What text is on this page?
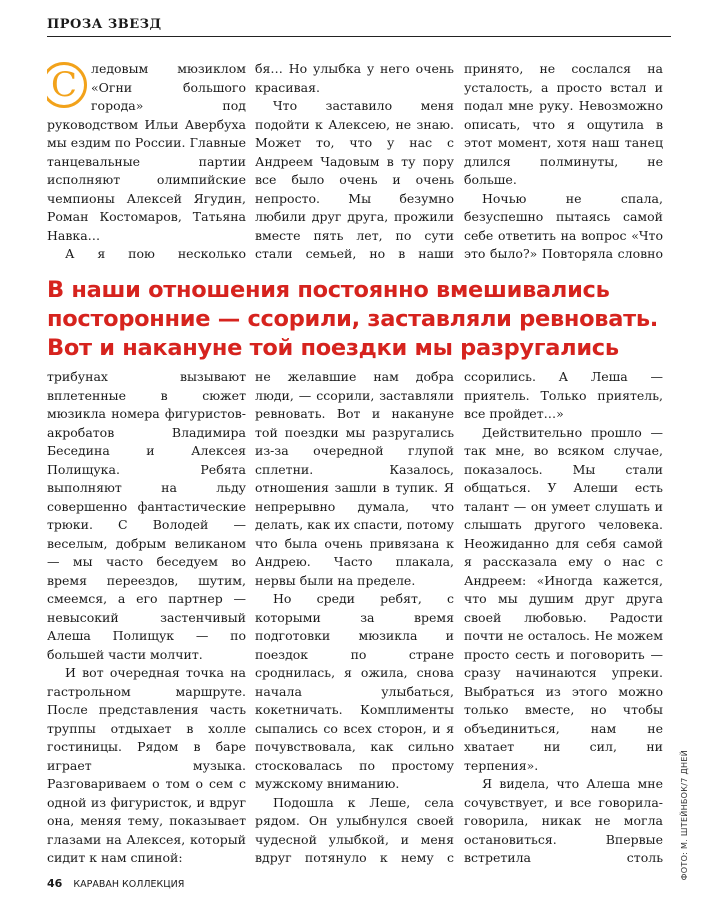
ПРОЗА ЗВЕЗД
С	ледовым мюзиклом «Огни большого города» под руководством Ильи Авербуха мы ездим по России. Главные танцевальные партии исполняют олимпийские чемпионы Алексей Ягудин, Роман Костомаров, Татьяна Навка…

А я пою несколько

бя… Но улыбка у него очень красивая.

Что заставило меня подойти к Алексею, не знаю. Может то, что у нас с Андреем Чадовым в ту пору все было очень и очень непросто. Мы безумно любили друг друга, прожили вместе пять лет, по сути стали семьей, но в наши

принято, не сослался на усталость, а просто встал и подал мне руку. Невозможно описать, что я ощутила в этот момент, хотя наш танец длился полминуты, не больше.

Ночью не спала, безуспешно пытаясь самой себе ответить на вопрос «Что это было?» Повторяла словно

В наши отношения постоянно вмешивались посторонние — ссорили, заставляли ревновать. Вот и накануне той поездки мы разругались

трибунах вызывают вплетенные в сюжет мюзикла номера фигуристов-акробатов Владимира Беседина и Алексея Полищука. Ребята выполняют на льду совершенно фантастические трюки. С Володей — веселым, добрым великаном — мы часто беседуем во время переездов, шутим, смеемся, а его партнер — невысокий застенчивый Алеша Полищук — по большей части молчит.

И вот очередная точка на гастрольном маршруте. После представления часть труппы отдыхает в холле гостиницы. Рядом в баре играет музыка. Разговариваем о том о сем с одной из фигуристок, и вдруг она, меняя тему, показывает глазами на Алексея, который сидит к нам спиной:

не желавшие нам добра люди, — ссорили, заставляли ревновать. Вот и накануне той поездки мы разругались из-за очередной глупой сплетни. Казалось, отношения зашли в тупик. Я непрерывно думала, что делать, как их спасти, потому что была очень привязана к Андрею. Часто плакала, нервы были на пределе.

Но среди ребят, с которыми за время подготовки мюзикла и поездок по стране сроднилась, я ожила, снова начала улыбаться, кокетничать. Комплименты сыпались со всех сторон, и я почувствовала, как сильно стосковалась по простому мужскому вниманию.

Подошла к Леше, села рядом. Он улыбнулся своей чудесной улыбкой, и меня вдруг потянуло к нему с

ссорились. А Леша — приятель. Только приятель, все пройдет…»

Действительно прошло — так мне, во всяком случае, показалось. Мы стали общаться. У Алеши есть талант — он умеет слушать и слышать другого человека. Неожиданно для себя самой я рассказала ему о нас с Андреем: «Иногда кажется, что мы душим друг друга своей любовью. Радости почти не осталось. Не можем просто сесть и поговорить — сразу начинаются упреки. Выбраться из этого можно только вместе, но чтобы объединиться, нам не хватает ни сил, ни терпения».

Я видела, что Алеша мне сочувствует, и все говорила-говорила, никак не могла остановиться. Впервые встретила столь ФОТО: М. ШТЕЙНБОК/7 ДНЕЙ
46 КАРАВАН КОЛЛЕКЦИЯ
